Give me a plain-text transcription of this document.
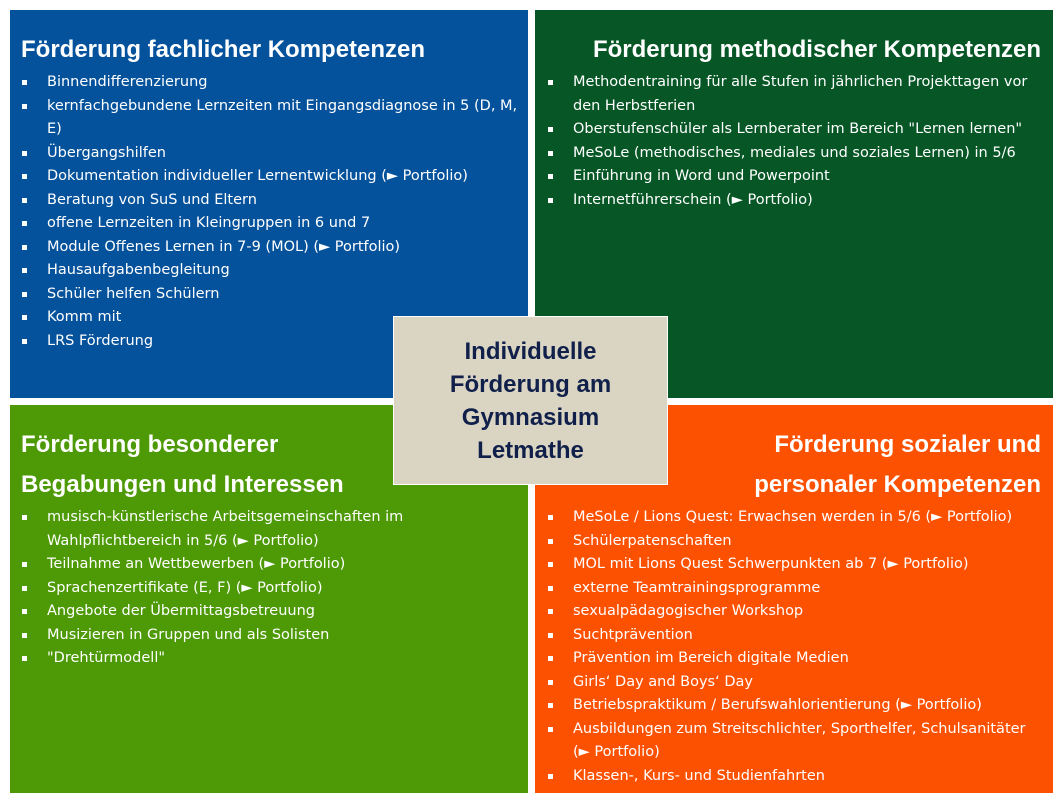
Förderung fachlicher Kompetenzen
Binnendifferenzierung
kernfachgebundene Lernzeiten mit Eingangsdiagnose in 5 (D, M, E)
Übergangshilfen
Dokumentation individueller Lernentwicklung (► Portfolio)
Beratung von SuS und Eltern
offene Lernzeiten in Kleingruppen in 6 und 7
Module Offenes Lernen in 7-9 (MOL) (► Portfolio)
Hausaufgabenbegleitung
Schüler helfen Schülern
Komm mit
LRS Förderung
Förderung methodischer Kompetenzen
Methodentraining für alle Stufen in jährlichen Projekttagen vor den Herbstferien
Oberstufenschüler als Lernberater im Bereich "Lernen lernen"
MeSoLe (methodisches, mediales und soziales Lernen) in 5/6
Einführung in Word und Powerpoint
Internetführerschein (► Portfolio)
Förderung besonderer
Begabungen und Interessen
musisch-künstlerische Arbeitsgemeinschaften im Wahlpflichtbereich in 5/6 (► Portfolio)
Teilnahme an Wettbewerben (► Portfolio)
Sprachenzertifikate (E, F) (► Portfolio)
Angebote der Übermittagsbetreuung
Musizieren in Gruppen und als Solisten
"Drehtürmodell"
Förderung sozialer und
personaler Kompetenzen
MeSoLe / Lions Quest: Erwachsen werden in 5/6 (► Portfolio)
Schülerpatenschaften
MOL mit Lions Quest Schwerpunkten ab 7 (► Portfolio)
externe Teamtrainingsprogramme
sexualpädagogischer Workshop
Suchtprävention
Prävention im Bereich digitale Medien
Girls‘ Day and Boys‘ Day
Betriebspraktikum / Berufswahlorientierung (► Portfolio)
Ausbildungen zum Streitschlichter, Sporthelfer, Schulsanitäter (► Portfolio)
Klassen-, Kurs- und Studienfahrten

Individuelle Förderung am Gymnasium Letmathe
